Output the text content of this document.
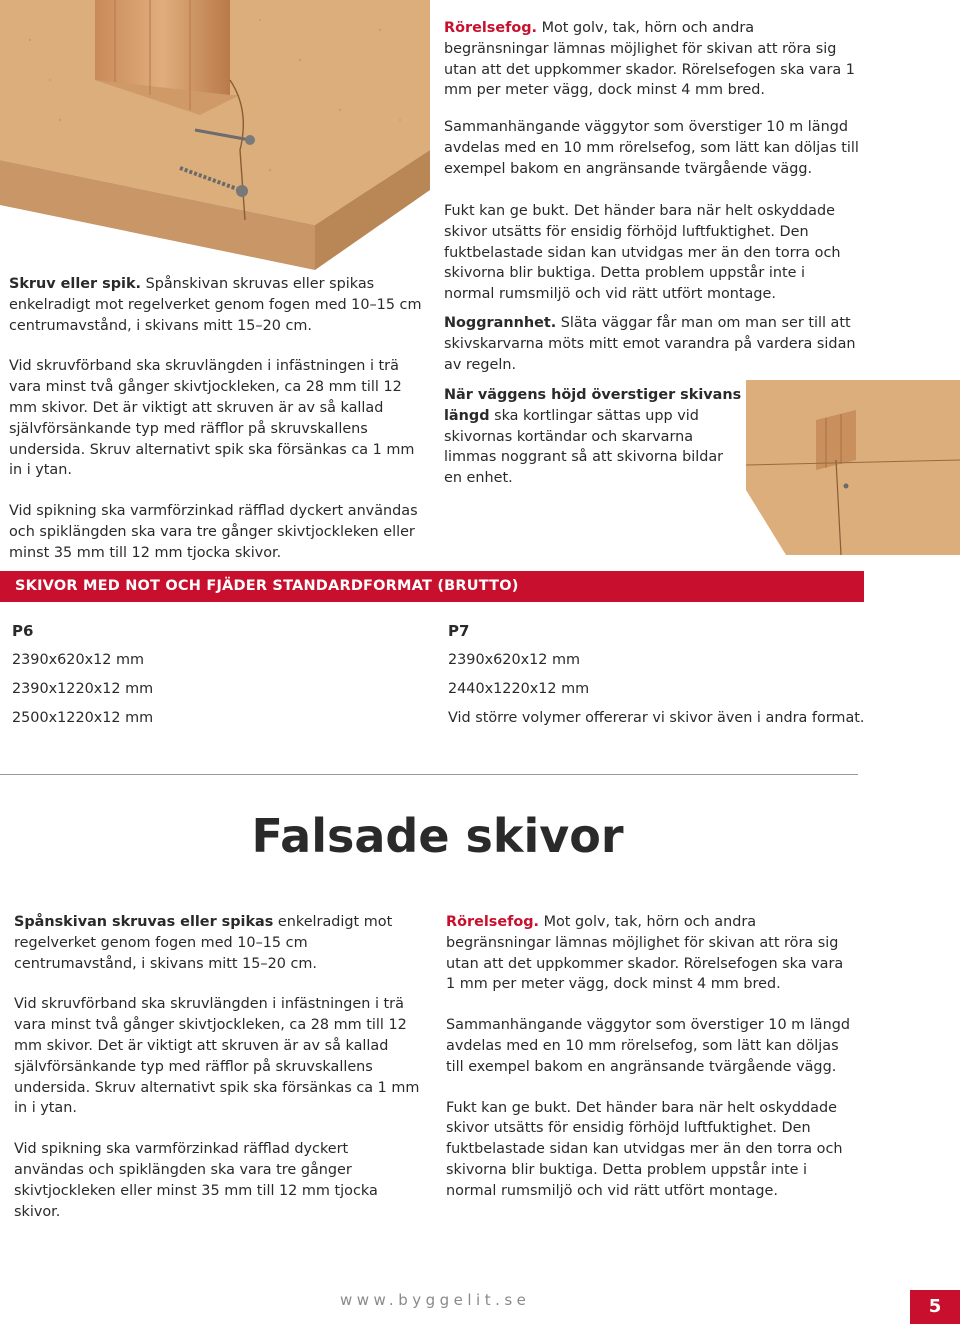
Rörelsefog. Mot golv, tak, hörn och andra begränsningar lämnas möjlighet för skivan att röra sig utan att det uppkommer skador. Rörelsefogen ska vara 1 mm per meter vägg, dock minst 4 mm bred.

Sammanhängande väggytor som överstiger 10 m längd avdelas med en 10 mm rörelsefog, som lätt kan döljas till exempel bakom en angränsande tvärgående vägg.

Fukt kan ge bukt. Det händer bara när helt oskyddade skivor utsätts för ensidig förhöjd luftfuktighet. Den fuktbelastade sidan kan utvidgas mer än den torra och skivorna blir buktiga. Detta problem uppstår inte i normal rumsmiljö och vid rätt utfört montage.

Noggrannhet. Släta väggar får man om man ser till att skivskarvarna möts mitt emot varandra på vardera sidan av regeln.

När väggens höjd överstiger skivans längd ska kortlingar sättas upp vid skivornas kortändar och skarvarna limmas noggrant så att skivorna bildar en enhet.

Skruv eller spik. Spånskivan skruvas eller spikas enkelradigt mot regelverket genom fogen med 10–15 cm centrumavstånd, i skivans mitt 15–20 cm.

Vid skruvförband ska skruvlängden i infästningen i trä vara minst två gånger skivtjockleken, ca 28 mm till 12 mm skivor. Det är viktigt att skruven är av så kallad självförsänkande typ med räfflor på skruvskallens undersida. Skruv alternativt spik ska försänkas ca 1 mm in i ytan.

Vid spikning ska varmförzinkad räfflad dyckert användas och spiklängden ska vara tre gånger skivtjockleken eller minst 35 mm till 12 mm tjocka skivor.

SKIVOR MED NOT OCH FJÄDER STANDARDFORMAT (BRUTTO)
P6
2390x620x12 mm
2390x1220x12 mm
2500x1220x12 mm
P7
2390x620x12 mm
2440x1220x12 mm
Vid större volymer offererar vi skivor även i andra format.
Falsade skivor

Spånskivan skruvas eller spikas enkelradigt mot regelverket genom fogen med 10–15 cm centrumavstånd, i skivans mitt 15–20 cm.

Vid skruvförband ska skruvlängden i infästningen i trä vara minst två gånger skivtjockleken, ca 28 mm till 12 mm skivor. Det är viktigt att skruven är av så kallad självförsänkande typ med räfflor på skruvskallens undersida. Skruv alternativt spik ska försänkas ca 1 mm in i ytan.

Vid spikning ska varmförzinkad räfflad dyckert användas och spiklängden ska vara tre gånger skivtjockleken eller minst 35 mm till 12 mm tjocka skivor.

Rörelsefog. Mot golv, tak, hörn och andra begränsningar lämnas möjlighet för skivan att röra sig utan att det uppkommer skador. Rörelsefogen ska vara 1 mm per meter vägg, dock minst 4 mm bred.

Sammanhängande väggytor som överstiger 10 m längd avdelas med en 10 mm rörelsefog, som lätt kan döljas till exempel bakom en angränsande tvärgående vägg.

Fukt kan ge bukt. Det händer bara när helt oskyddade skivor utsätts för ensidig förhöjd luftfuktighet. Den fuktbelastade sidan kan utvidgas mer än den torra och skivorna blir buktiga. Detta problem uppstår inte i normal rumsmiljö och vid rätt utfört montage.

www.byggelit.se	5
